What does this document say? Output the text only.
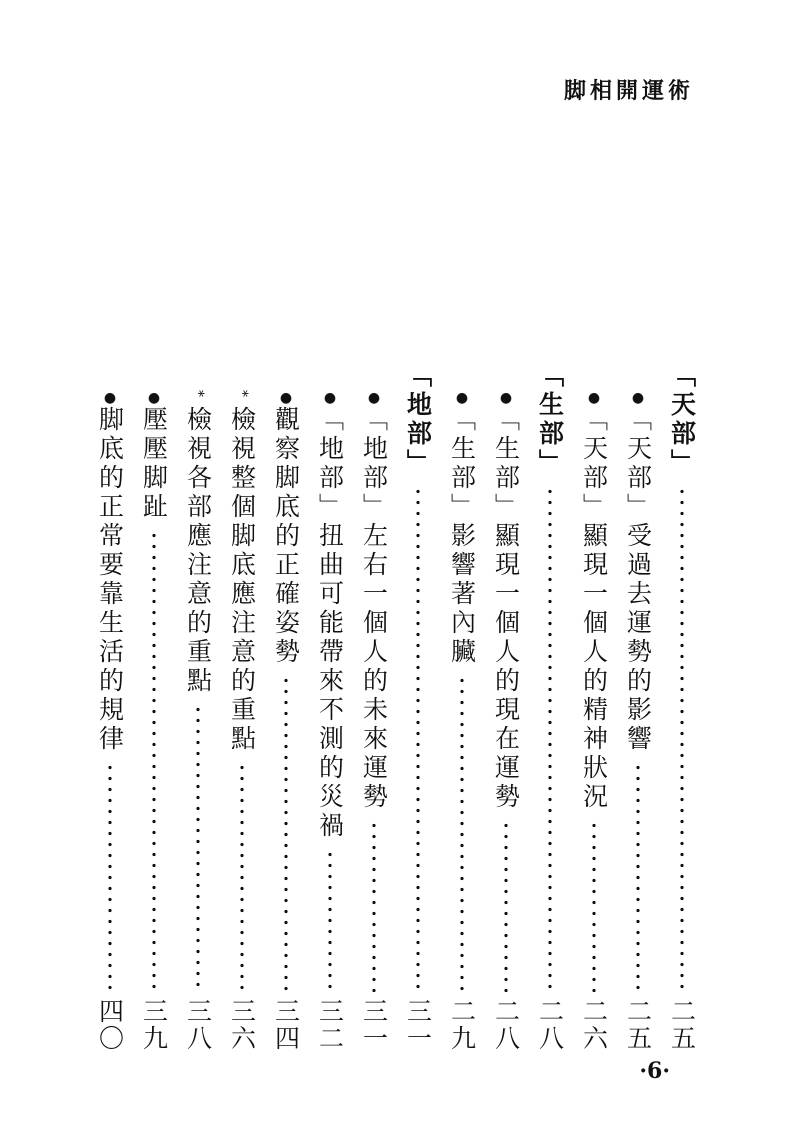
脚相開運術
「天部」
二五
●
「天部」受過去運勢的影響
二五
●
「天部」顯現一個人的精神狀況
二六
「生部」
二八
●
「生部」顯現一個人的現在運勢
二八
●
「生部」影響著內臟
二九
「地部」
三一
●
「地部」左右一個人的未來運勢
三一
●
「地部」扭曲可能帶來不測的災禍
三二
●
觀察脚底的正確姿勢
三四
*
檢視整個脚底應注意的重點
三六
*
檢視各部應注意的重點
三八
●
壓壓脚趾
三九
●
脚底的正常要靠生活的規律
四〇
·6·
